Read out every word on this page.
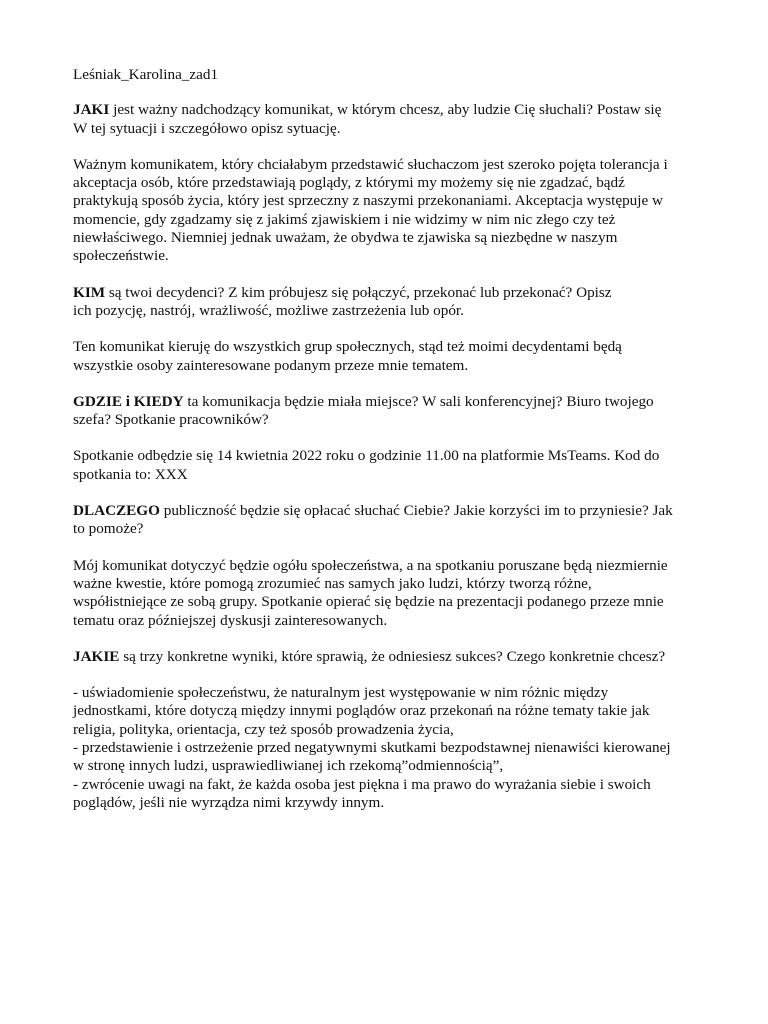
Leśniak_Karolina_zad1
JAKI jest ważny nadchodzący komunikat, w którym chcesz, aby ludzie Cię słuchali? Postaw się
W tej sytuacji i szczegółowo opisz sytuację.
Ważnym komunikatem, który chciałabym przedstawić słuchaczom jest szeroko pojęta tolerancja i
akceptacja osób, które przedstawiają poglądy, z którymi my możemy się nie zgadzać, bądź
praktykują sposób życia, który jest sprzeczny z naszymi przekonaniami. Akceptacja występuje w
momencie, gdy zgadzamy się z jakimś zjawiskiem i nie widzimy w nim nic złego czy też
niewłaściwego. Niemniej jednak uważam, że obydwa te zjawiska są niezbędne w naszym
społeczeństwie.
KIM są twoi decydenci? Z kim próbujesz się połączyć, przekonać lub przekonać? Opisz
ich pozycję, nastrój, wrażliwość, możliwe zastrzeżenia lub opór.
Ten komunikat kieruję do wszystkich grup społecznych, stąd też moimi decydentami będą
wszystkie osoby zainteresowane podanym przeze mnie tematem.
GDZIE i KIEDY ta komunikacja będzie miała miejsce? W sali konferencyjnej? Biuro twojego
szefa? Spotkanie pracowników?
Spotkanie odbędzie się 14 kwietnia 2022 roku o godzinie 11.00 na platformie MsTeams. Kod do
spotkania to: XXX
DLACZEGO publiczność będzie się opłacać słuchać Ciebie? Jakie korzyści im to przyniesie? Jak
to pomoże?
Mój komunikat dotyczyć będzie ogółu społeczeństwa, a na spotkaniu poruszane będą niezmiernie
ważne kwestie, które pomogą zrozumieć nas samych jako ludzi, którzy tworzą różne,
współistniejące ze sobą grupy. Spotkanie opierać się będzie na prezentacji podanego przeze mnie
tematu oraz późniejszej dyskusji zainteresowanych.
JAKIE są trzy konkretne wyniki, które sprawią, że odniesiesz sukces? Czego konkretnie chcesz?
- uświadomienie społeczeństwu, że naturalnym jest występowanie w nim różnic między
jednostkami, które dotyczą między innymi poglądów oraz przekonań na różne tematy takie jak
religia, polityka, orientacja, czy też sposób prowadzenia życia,
- przedstawienie i ostrzeżenie przed negatywnymi skutkami bezpodstawnej nienawiści kierowanej
w stronę innych ludzi, usprawiedliwianej ich rzekomą”odmiennością”,
- zwrócenie uwagi na fakt, że każda osoba jest piękna i ma prawo do wyrażania siebie i swoich
poglądów, jeśli nie wyrządza nimi krzywdy innym.
